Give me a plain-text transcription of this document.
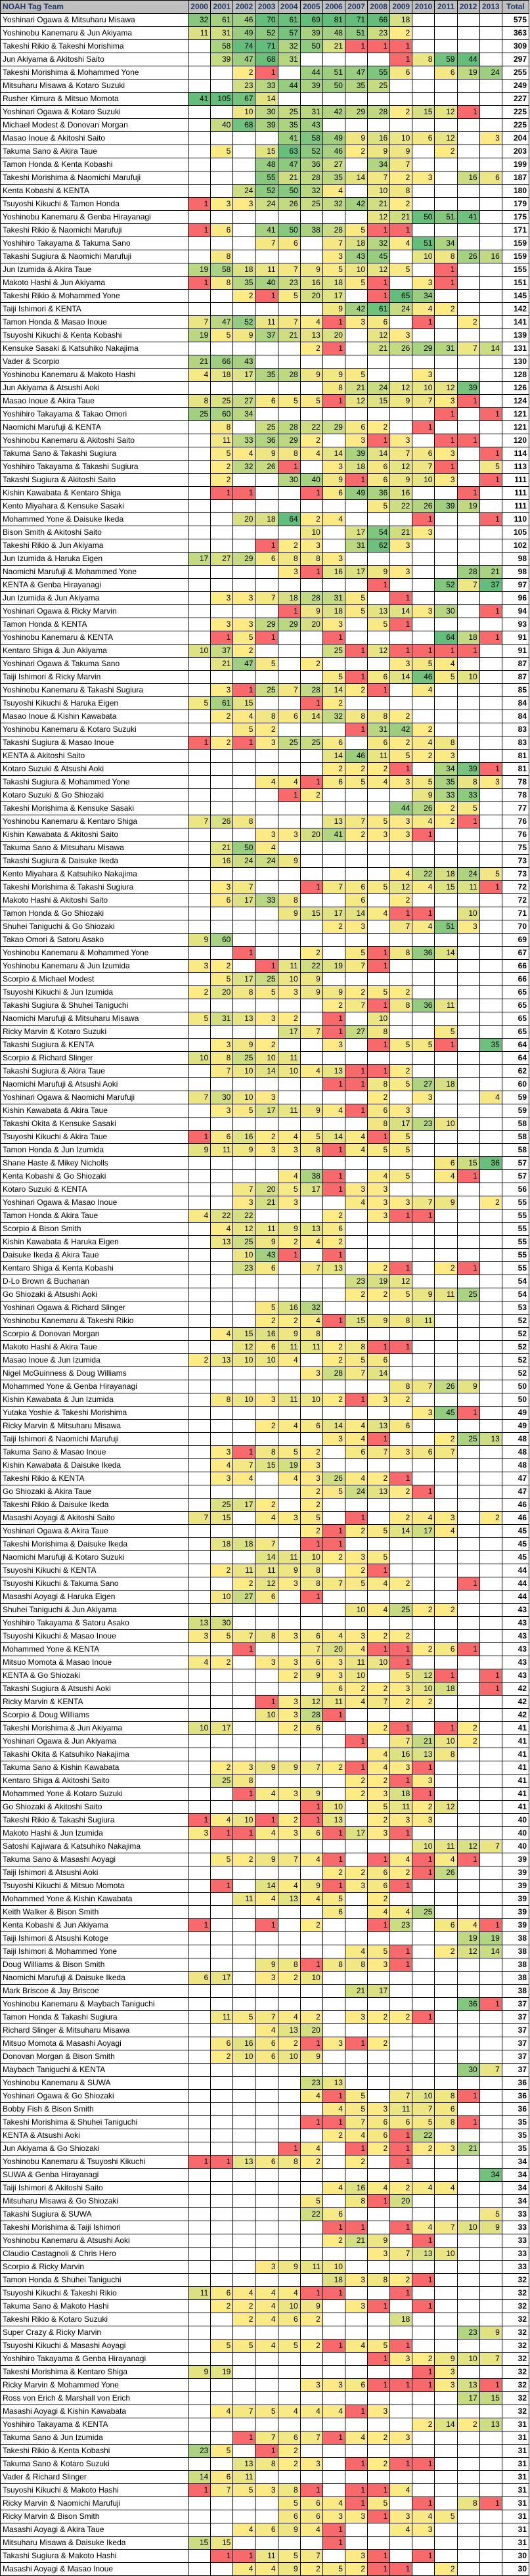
NOAH Tag Team	2000	2001	2002	2003	2004	2005	2006	2007	2008	2009	2010	2011	2012	2013	Total
Yoshinari Ogawa & Mitsuharu Misawa	32	61	46	70	61	69	81	71	66	18					575
Yoshinobu Kanemaru & Jun Akiyama	11	31	49	52	57	39	48	51	23	2					363
Takeshi Rikio & Takeshi Morishima		58	74	71	32	50	21	1	1	1					309
Jun Akiyama & Akitoshi Saito		39	47	68	31					1	8	59	44		297
Takeshi Morishima & Mohammed Yone			2	1		44	51	47	55	6		6	19	24	255
Mitsuharu Misawa & Kotaro Suzuki			23	33	44	39	50	35	25						249
Rusher Kimura & Mitsuo Momota	41	105	67	14											227
Yoshinari Ogawa & Kotaro Suzuki			10	30	25	31	42	29	28	2	15	12	1		225
Michael Modest & Donovan Morgan		40	68	39	35	43									225
Masao Inoue & Akitoshi Saito					41	58	49	9	16	10	6	12		3	204
Takuma Sano & Akira Taue		5		15	63	52	46	2	9	9		2			203
Tamon Honda & Kenta Kobashi				48	47	36	27		34	7					199
Takeshi Morishima & Naomichi Marufuji				55	21	28	35	14	7	2	3		16	6	187
Kenta Kobashi & KENTA			24	52	50	32	4		10	8					180
Tsuyoshi Kikuchi & Tamon Honda	1	3	3	24	26	25	32	42	21	2					179
Yoshinobu Kanemaru & Genba Hirayanagi									12	21	50	51	41		175
Takeshi Rikio & Naomichi Marufuji	1	6		41	50	38	28	5	1	1					171
Yoshihiro Takayama & Takuma Sano				7	6		7	18	32	4	51	34			159
Takashi Sugiura & Naomichi Marufuji		8					3	43	45		10	8	26	16	159
Jun Izumida & Akira Taue	19	58	18	11	7	9	5	10	12	5		1			155
Makoto Hashi & Jun Akiyama	1	8	35	40	23	16	18	5	1		3	1			151
Takeshi Rikio & Mohammed Yone			2	1	5	20	17		1	65	34				145
Taiji Ishimori & KENTA							9	42	61	24	4	2			142
Tamon Honda & Masao Inoue	7	47	52	11	7	4	1	3	6		1		2		141
Tsuyoshi Kikuchi & Kenta Kobashi	19	5	9	37	21	13	20		12	3					139
Kensuke Sasaki & Katsuhiko Nakajima						2	1		21	26	29	31	7	14	131
Vader & Scorpio	21	66	43												130
Yoshinobu Kanemaru & Makoto Hashi	4	18	17	35	28	9	9	5			3				128
Jun Akiyama & Atsushi Aoki							8	21	24	12	10	12	39		126
Masao Inoue & Akira Taue	8	25	27	6	5	5	1	12	15	9	7	3	1		124
Yoshihiro Takayama & Takao Omori	25	60	34									1		1	121
Naomichi Marufuji & KENTA		8		25	28	22	29	6	2		1				121
Yoshinobu Kanemaru & Akitoshi Saito		11	33	36	29	2		3	1	3		1	1		120
Takuma Sano & Takashi Sugiura		5	4	9	8	4	14	39	14	7	6	3		1	114
Yoshihiro Takayama & Takashi Sugiura		2	32	26	1		3	18	6	12	7	1		5	113
Takashi Sugiura & Akitoshi Saito		2			30	40	9	1	6	9	10	3		1	111
Kishin Kawabata & Kentaro Shiga		1	1			1	6	49	36	16			1		111
Kento Miyahara & Kensuke Sasaki									5	22	26	39	19		111
Mohammed Yone & Daisuke Ikeda			20	18	64	2	4				1			1	110
Bison Smith & Akitoshi Saito						10		17	54	21	3				105
Takeshi Rikio & Jun Akiyama				1	2	3		31	62	3					102
Jun Izumida & Haruka Eigen	17	27	29	6	8	8	3								98
Naomichi Marufuji & Mohammed Yone					3	1	16	17	9	3			28	21	98
KENTA & Genba Hirayanagi									1			52	7	37	97
Jun Izumida & Jun Akiyama		3	3	7	18	28	31	5		1					96
Yoshinari Ogawa & Ricky Marvin					1	9	18	5	13	14	3	30		1	94
Tamon Honda & KENTA		3	3	29	29	20	3		5	1					93
Yoshinobu Kanemaru & KENTA		1	5	1			1					64	18	1	91
Kentaro Shiga & Jun Akiyama	10	37	2				25	1	12	1	1	1	1		91
Yoshinari Ogawa & Takuma Sano		21	47	5		2				3	5	4			87
Taiji Ishimori & Ricky Marvin							5	1	6	14	46	5	10		87
Yoshinobu Kanemaru & Takashi Sugiura		3	1	25	7	28	14	2	1		4				85
Tsuyoshi Kikuchi & Haruka Eigen	5	61	15			1	2								84
Masao Inoue & Kishin Kawabata		2	4	8	6	14	32	8	8	2					84
Yoshinobu Kanemaru & Kotaro Suzuki			5	2				1	31	42	2				83
Takashi Sugiura & Masao Inoue	1	2	1	3	25	25	6		6	2	4	8			83
KENTA & Akitoshi Saito							14	46	11	5	2	3			81
Kotaro Suzuki & Atsushi Aoki							2	2	2	1		34	39	1	81
Takashi Sugiura & Mohammed Yone				4	4	1	6	5	4	3	5	35	8	3	78
Kotaro Suzuki & Go Shiozaki					1	2					9	33	33		78
Takeshi Morishima & Kensuke Sasaki										44	26	2	5		77
Yoshinobu Kanemaru & Kentaro Shiga	7	26	8				13	7	5	3	4	2	1		76
Kishin Kawabata & Akitoshi Saito				3	3	20	41	2	3	3	1				76
Takuma Sano & Mitsuharu Misawa		21	50	4											75
Takashi Sugiura & Daisuke Ikeda		16	24	24	9										73
Kento Miyahara & Katsuhiko Nakajima										4	22	18	24	5	73
Takeshi Morishima & Takashi Sugiura		3	7			1	7	6	5	12	4	15	11	1	72
Makoto Hashi & Akitoshi Saito		6	17	33	8			6		2					72
Tamon Honda & Go Shiozaki					9	15	17	14	4	1	1		10		71
Shuhei Taniguchi & Go Shiozaki							2	3		7	4	51	3		70
Takao Omori & Satoru Asako	9	60													69
Yoshinobu Kanemaru & Mohammed Yone			1			2		5	1	8	36	14			67
Yoshinobu Kanemaru & Jun Izumida	3	2		1	11	22	19	7	1						66
Scorpio & Michael Modest		5	17	25	10	9									66
Tsuyoshi Kikuchi & Jun Izumida	2	20	8	5	3	9	9	2	5	2					65
Takashi Sugiura & Shuhei Taniguchi							2	7	1	8	36	11			65
Naomichi Marufuji & Mitsuharu Misawa	5	31	13	3	2		1		10						65
Ricky Marvin & Kotaro Suzuki					17	7	1	27	8			5			65
Takashi Sugiura & KENTA		3	9	2			3		1	5	5	1		35	64
Scorpio & Richard Slinger	10	8	25	10	11										64
Takashi Sugiura & Akira Taue		7	10	14	10	4	13	1	1	2					62
Naomichi Marufuji & Atsushi Aoki							1	1	8	5	27	18			60
Yoshinari Ogawa & Naomichi Marufuji	7	30	10	3					2		3			4	59
Kishin Kawabata & Akira Taue		3	5	17	11	9	4	1	6	3					59
Takashi Okita & Kensuke Sasaki									8	17	23	10			58
Tsuyoshi Kikuchi & Akira Taue	1	6	16	2	4	5	14	4	1	5					58
Tamon Honda & Jun Izumida	9	11	9	3	3	8	1	4	5	5					58
Shane Haste & Mikey Nicholls												6	15	36	57
Kenta Kobashi & Go Shiozaki					4	38	1		4	5		4	1		57
Kotaro Suzuki & KENTA			7	20	5	17	1	3	3						56
Yoshinari Ogawa & Masao Inoue			3	21	3			4	3	3	7	9		2	55
Tamon Honda & Akira Taue	4	22	22				2		3	1	1				55
Scorpio & Bison Smith		4	12	11	9	13	6								55
Kishin Kawabata & Haruka Eigen		13	25	9	2	4	2								55
Daisuke Ikeda & Akira Taue			10	43	1		1								55
Kentaro Shiga & Kenta Kobashi			23	6		7	13		2	1		2	1		55
D-Lo Brown & Buchanan								23	19	12					54
Go Shiozaki & Atsushi Aoki								2	2	5	9	11	25		54
Yoshinari Ogawa & Richard Slinger				5	16	32									53
Yoshinobu Kanemaru & Takeshi Rikio				2	2	4	1	15	9	8	11				52
Scorpio & Donovan Morgan		4	15	16	9	8									52
Makoto Hashi & Akira Taue			12	6	11	11	2	8	1	1					52
Masao Inoue & Jun Izumida	2	13	10	10	4		2	5	6						52
Nigel McGuinness & Doug Williams						3	28	7	14						52
Mohammed Yone & Genba Hirayanagi										8	7	26	9		50
Kishin Kawabata & Jun Izumida		8	10	3	11	10	2	1	3	2					50
Yutaka Yoshie & Takeshi Morishima											3	45	1		49
Ricky Marvin & Mitsuharu Misawa				2	4	6	14	4	13	6					49
Taiji Ishimori & Naomichi Marufuji							3	4	1			2	25	13	48
Takuma Sano & Masao Inoue		3	1	8	5	2		6	7	3	6	7			48
Kishin Kawabata & Daisuke Ikeda		4	7	15	19	3									48
Takeshi Rikio & KENTA		3	4		4	3	26	4	2	1					47
Go Shiozaki & Akira Taue						2	5	24	13	2	1				47
Takeshi Rikio & Daisuke Ikeda		25	17	2		2									46
Masashi Aoyagi & Akitoshi Saito	7	15		4	3	5		1		2	4	3		2	46
Yoshinari Ogawa & Akira Taue						2	1	2	5	14	17	4			45
Takeshi Morishima & Daisuke Ikeda		18	18	7		1	1								45
Naomichi Marufuji & Kotaro Suzuki				14	11	10	2	3	5						45
Tsuyoshi Kikuchi & KENTA		2	11	11	9	8		2	1						44
Tsuyoshi Kikuchi & Takuma Sano			2	12	3	8	7	5	4	2			1		44
Masashi Aoyagi & Haruka Eigen		10	27	6		1									44
Shuhei Taniguchi & Jun Akiyama								10	4	25	2	2			43
Yoshihiro Takayama & Satoru Asako	13	30													43
Tsuyoshi Kikuchi & Masao Inoue	3	5	7	8	3	6	4	3	2	2					43
Mohammed Yone & KENTA			1			7	20	4	1	1	2	6	1		43
Mitsuo Momota & Masao Inoue	4	2		3	3	6	3	11	10	1					43
KENTA & Go Shiozaki					2	9	3	10		5	12	1		1	43
Takashi Sugiura & Atsushi Aoki							6	2	2	3	10	18		1	42
Ricky Marvin & KENTA				1	3	12	11	4	7	2	2				42
Scorpio & Doug Williams				10	3	28	1								42
Takeshi Morishima & Jun Akiyama	10	17			2	6			2	1		1	2		41
Yoshinari Ogawa & Jun Akiyama								1		7	21	10	2		41
Takashi Okita & Katsuhiko Nakajima									4	16	13	8			41
Takuma Sano & Kishin Kawabata		2	3	9	9	7	2	1	4	3	1				41
Kentaro Shiga & Akitoshi Saito		25	8					2	2	1	3				41
Mohammed Yone & Kotaro Suzuki			1	4	3	9		2	3	18	1				41
Go Shiozaki & Akitoshi Saito						1	10		5	11	2	12			41
Takeshi Rikio & Takashi Sugiura	1	4	10	1	2	1	13		2	3	3				40
Makoto Hashi & Jun Izumida	3	1	1	4	3	6	1	17	3	1					40
Satoshi Kajiwara & Katsuhiko Nakajima											10	11	12	7	40
Takuma Sano & Masashi Aoyagi		5	2	9	7	4	1		1	4	1	4	1		39
Taiji Ishimori & Atsushi Aoki							2	2	6	2	1	26			39
Tsuyoshi Kikuchi & Mitsuo Momota		1		14	4	9	1	3	6	1					39
Mohammed Yone & Kishin Kawabata			11	4	13	4	5		2						39
Keith Walker & Bison Smith							6		4	4	25				39
Kenta Kobashi & Jun Akiyama	1			1		2			1	23		6	4	1	39
Taiji Ishimori & Atsushi Kotoge													19	19	38
Taiji Ishimori & Mohammed Yone								4	5	1		2	12	14	38
Doug Williams & Bison Smith				9	8	1	8	8	3	1					38
Naomichi Marufuji & Daisuke Ikeda	6	17		3	2	10									38
Mark Briscoe & Jay Briscoe								21	17						38
Yoshinobu Kanemaru & Maybach Taniguchi													36	1	37
Tamon Honda & Takashi Sugiura		11	5	7	4	2		3	2	2	1				37
Richard Slinger & Mitsuharu Misawa				4	13	20									37
Mitsuo Momota & Masashi Aoyagi		6	16	6	2	1	3	1	2						37
Donovan Morgan & Bison Smith		2	10	6	10	9									37
Maybach Taniguchi & KENTA													30	7	37
Yoshinobu Kanemaru & SUWA						23	13								36
Yoshinari Ogawa & Go Shiozaki						4	1	5		7	10	8	1		36
Bobby Fish & Bison Smith							4	5	3	11	7	6			36
Takeshi Morishima & Shuhei Taniguchi						1	1	7	6	6	5	8	1		35
KENTA & Atsushi Aoki							2	4	6	1	22				35
Jun Akiyama & Go Shiozaki					1	4		1	2	1	2	3	21		35
Yoshinobu Kanemaru & Tsuyoshi Kikuchi	1	1	13	6	8	2		2		1					34
SUWA & Genba Hirayanagi														34	34
Taiji Ishimori & Akitoshi Saito							4	16	4	2	4	4			34
Mitsuharu Misawa & Go Shiozaki						5		8	1	20					34
Takashi Sugiura & SUWA						22	6							5	33
Takeshi Morishima & Taiji Ishimori							1	1		1	4	7	10	9	33
Yoshinobu Kanemaru & Atsushi Aoki							2	21	9		1				33
Claudio Castagnoli & Chris Hero									3	7	13	10			33
Scorpio & Ricky Marvin				3	9	11	10								33
Tamon Honda & Shuhei Taniguchi							18	3	8	2	1				32
Tsuyoshi Kikuchi & Takeshi Rikio	11	6	4	4	4	1	1			1					32
Takuma Sano & Makoto Hashi		2	2	4	10	9		3	1		1				32
Takeshi Rikio & Kotaro Suzuki			2	4	6	2				18					32
Super Crazy & Ricky Marvin													23	9	32
Tsuyoshi Kikuchi & Masashi Aoyagi		5	5	4	5	2	1	4	5	1					32
Yoshihiro Takayama & Genba Hirayanagi									1	3	2	9	10	7	32
Takeshi Morishima & Kentaro Shiga	9	19									1	3			32
Ricky Marvin & Mohammed Yone						3	3	6	1	1	1	3	13	1	32
Ross von Erich & Marshall von Erich													17	15	32
Masashi Aoyagi & Kishin Kawabata		4	7	5	4	4	4	1	3						32
Yoshihiro Takayama & KENTA											2	14	2	13	31
Takuma Sano & Jun Izumida			1	7	6	7	1	4	2	3					31
Takeshi Rikio & Kenta Kobashi	23	5		1	2										31
Takuma Sano & Kotaro Suzuki			13	8	2	3		1	2	1	1				31
Vader & Richard Slinger	14	6	11												31
Tsuyoshi Kikuchi & Makoto Hashi	1	7	5	3	8	1		1	1	4					31
Ricky Marvin & Naomichi Marufuji					5	6	4	1	5		1		8	1	31
Ricky Marvin & Bison Smith					6	6	3	3	1	3	4	5			31
Masashi Aoyagi & Akira Taue			4	6	9	4	1			4	3				31
Mitsuharu Misawa & Daisuke Ikeda	15	15					1								31
Takashi Sugiura & Makoto Hashi		1	1	11	5	7		3	1		1				30
Masashi Aoyagi & Masao Inoue			4	4	9	2	5	2	1	1		2			30
